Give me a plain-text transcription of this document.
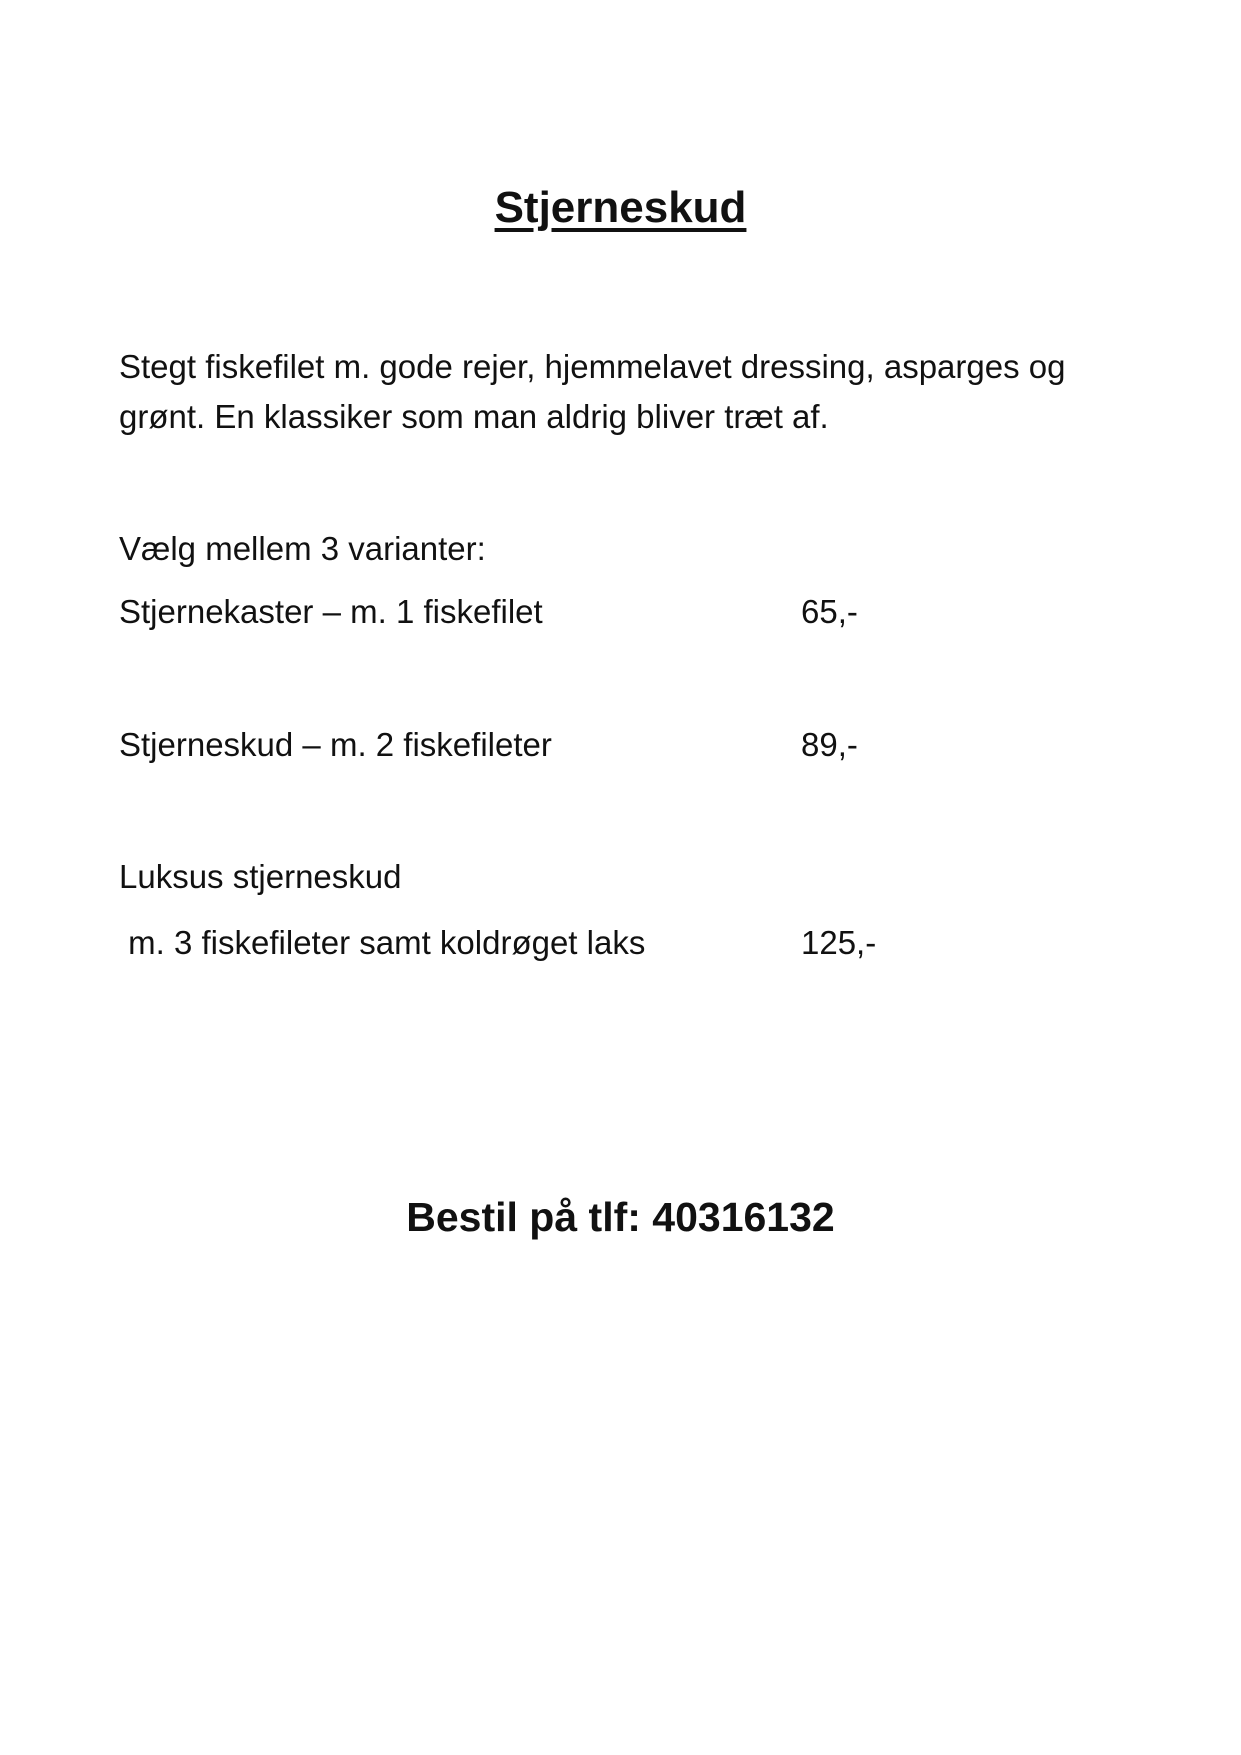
Stjerneskud

Stegt fiskefilet m. gode rejer, hjemmelavet dressing, asparges og grønt. En klassiker som man aldrig bliver træt af.

Vælg mellem 3 varianter:

Stjernekaster – m. 1 fiskefilet	65,-
Stjerneskud – m. 2 fiskefileter	89,-
Luksus stjerneskud
m. 3 fiskefileter samt koldrøget laks	125,-

Bestil på tlf: 40316132
